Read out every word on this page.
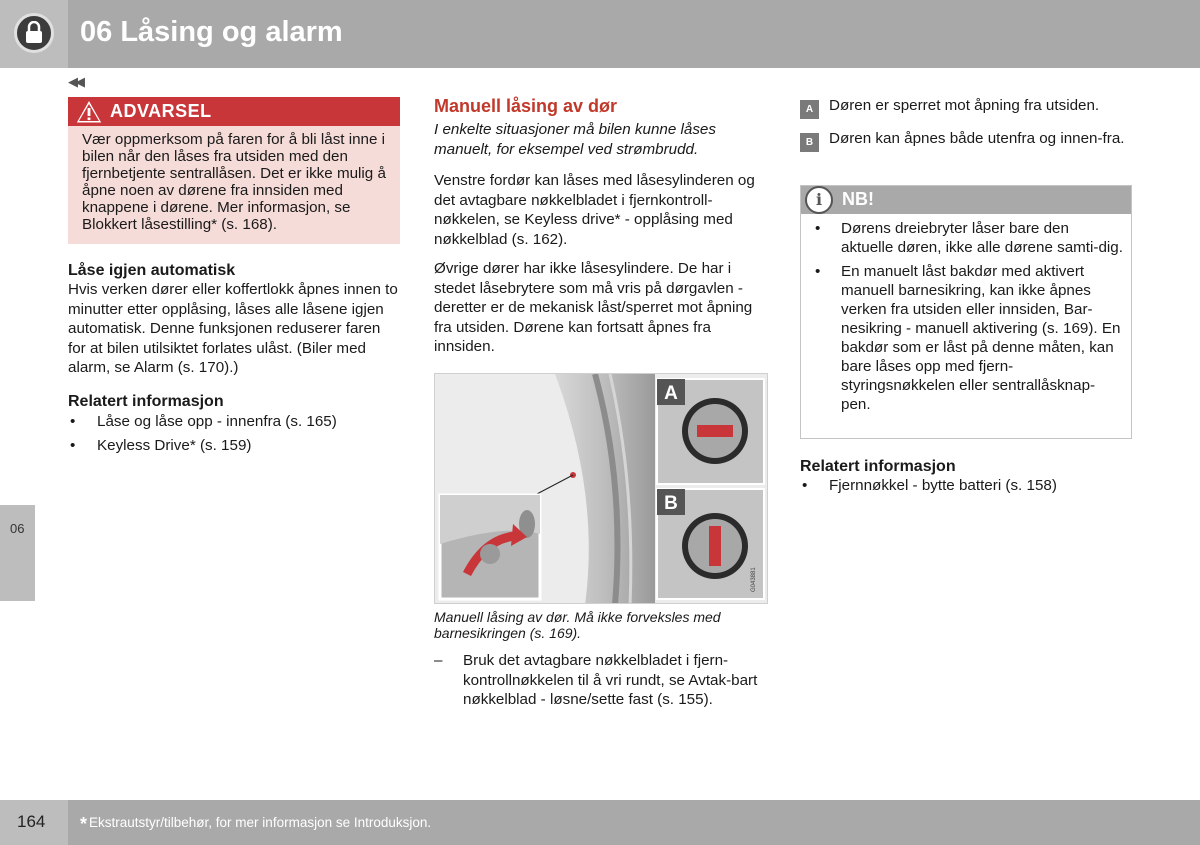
06 Låsing og alarm
◀◀
06
ADVARSEL
Vær oppmerksom på faren for å bli låst inne i bilen når den låses fra utsiden med den fjernbetjente sentrallåsen. Det er ikke mulig å åpne noen av dørene fra innsiden med knappene i dørene. Mer informasjon, se Blokkert låsestilling* (s. 168).
Låse igjen automatisk

Hvis verken dører eller koffertlokk åpnes innen to minutter etter opplåsing, låses alle låsene igjen automatisk. Denne funksjonen reduserer faren for at bilen utilsiktet forlates ulåst. (Biler med alarm, se Alarm (s. 170).)

Relatert informasjon
• Låse og låse opp - innenfra (s. 165)
• Keyless Drive* (s. 159)
Manuell låsing av dør

I enkelte situasjoner må bilen kunne låses manuelt, for eksempel ved strømbrudd.

Venstre fordør kan låses med låsesylinderen og det avtagbare nøkkelbladet i fjernkontroll-nøkkelen, se Keyless drive* - opplåsing med nøkkelblad (s. 162).

Øvrige dører har ikke låsesylindere. De har i stedet låsebrytere som må vris på dørgavlen - deretter er de mekanisk låst/sperret mot åpning fra utsiden. Dørene kan fortsatt åpnes fra innsiden.

A
B
G043881
Manuell låsing av dør. Må ikke forveksles med barnesikringen (s. 169).
– Bruk det avtagbare nøkkelbladet i fjern-kontrollnøkkelen til å vri rundt, se Avtak-bart nøkkelblad - løsne/sette fast (s. 155).
A	Døren er sperret mot åpning fra utsiden.
B	Døren kan åpnes både utenfra og innen-fra.
i	NB!
• Dørens dreiebryter låser bare den aktuelle døren, ikke alle dørene samti-dig.
• En manuelt låst bakdør med aktivert manuell barnesikring, kan ikke åpnes verken fra utsiden eller innsiden, Bar-nesikring - manuell aktivering (s. 169). En bakdør som er låst på denne måten, kan bare låses opp med fjern-styringsnøkkelen eller sentrallåsknap-pen.
Relatert informasjon
• Fjernnøkkel - bytte batteri (s. 158)
164 * Ekstrautstyr/tilbehør, for mer informasjon se Introduksjon.
